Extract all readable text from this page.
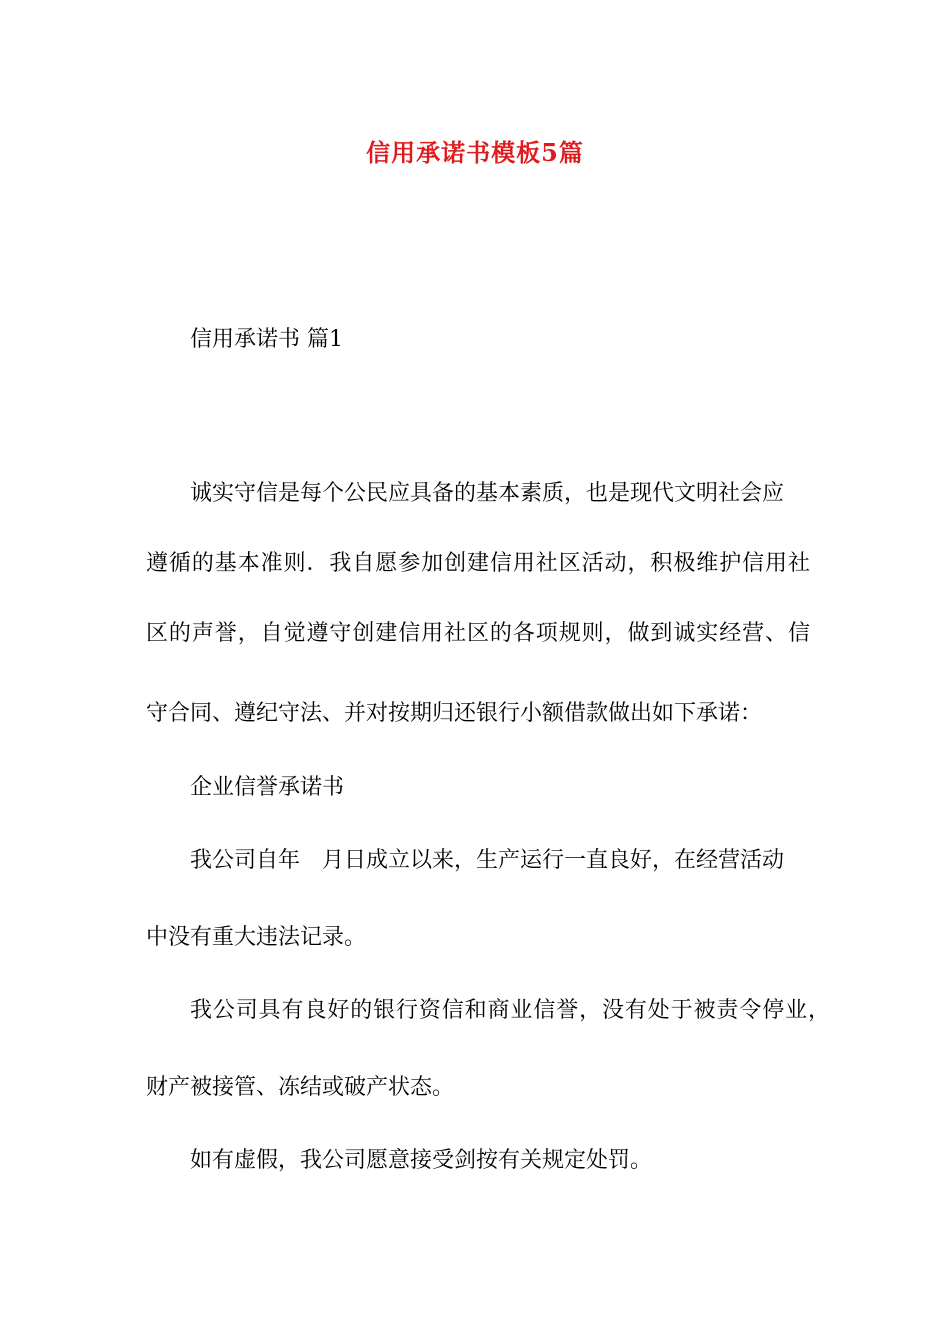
信用承诺书模板5篇
信用承诺书 篇1
诚实守信是每个公民应具备的基本素质，也是现代文明社会应
遵循的基本准则．我自愿参加创建信用社区活动，积极维护信用社
区的声誉，自觉遵守创建信用社区的各项规则，做到诚实经营、信
守合同、遵纪守法、并对按期归还银行小额借款做出如下承诺：
企业信誉承诺书
我公司自年　月日成立以来，生产运行一直良好，在经营活动
中没有重大违法记录。
我公司具有良好的银行资信和商业信誉，没有处于被责令停业，
财产被接管、冻结或破产状态。
如有虚假，我公司愿意接受剑按有关规定处罚。
